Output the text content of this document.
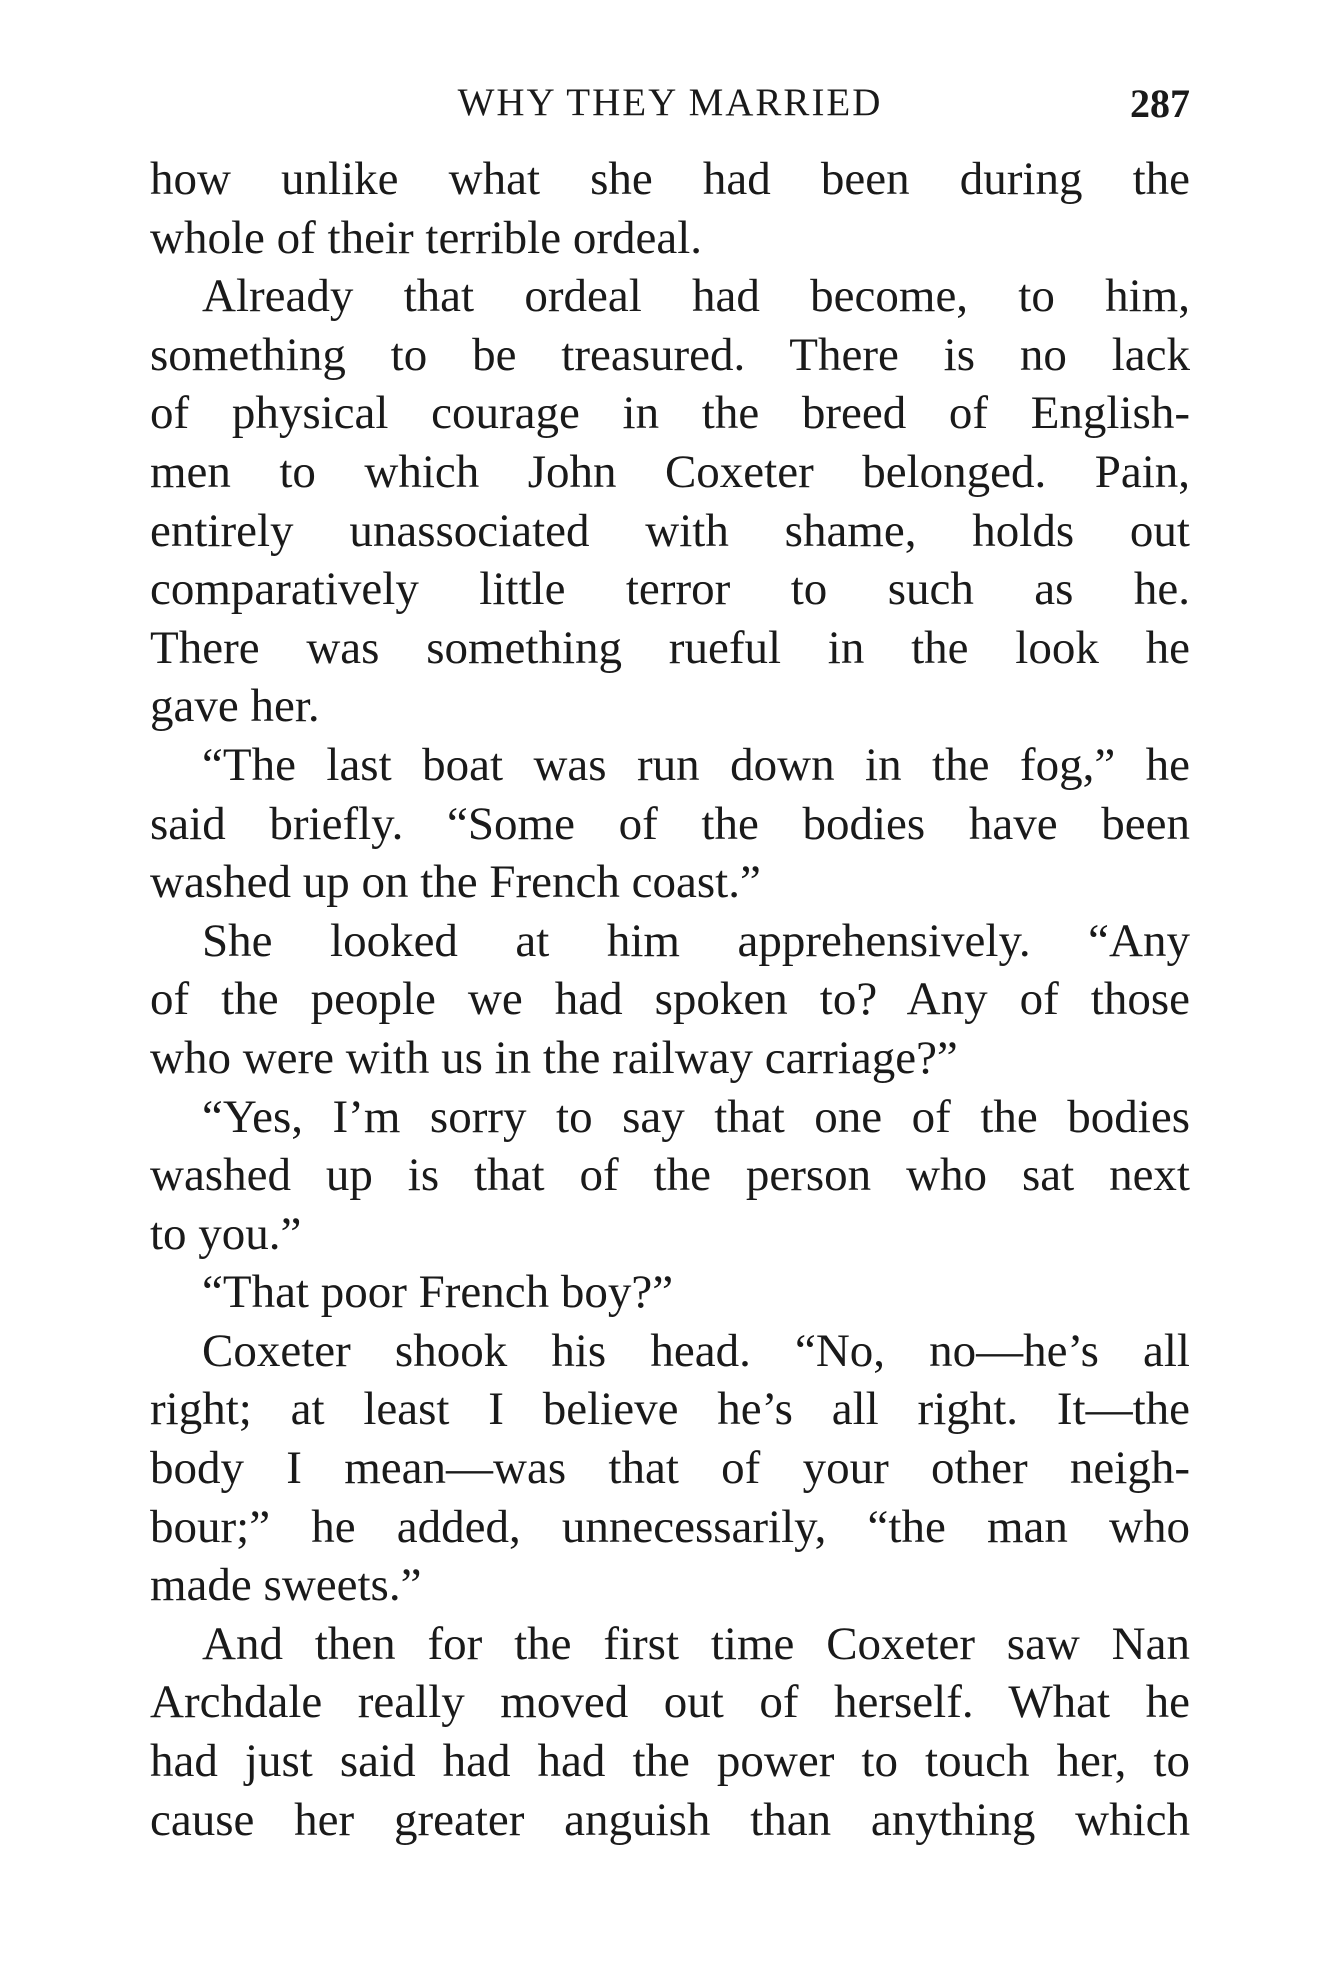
WHY THEY MARRIED	287
how unlike what she had been during the
whole of their terrible ordeal.
Already that ordeal had become, to him,
something to be treasured. There is no lack
of physical courage in the breed of English-
men to which John Coxeter belonged. Pain,
entirely unassociated with shame, holds out
comparatively little terror to such as he.
There was something rueful in the look he
gave her.
“The last boat was run down in the fog,” he
said briefly. “Some of the bodies have been
washed up on the French coast.”
She looked at him apprehensively. “Any
of the people we had spoken to? Any of those
who were with us in the railway carriage?”
“Yes, I’m sorry to say that one of the bodies
washed up is that of the person who sat next
to you.”
“That poor French boy?”
Coxeter shook his head. “No, no—he’s all
right; at least I believe he’s all right. It—the
body I mean—was that of your other neigh-
bour;” he added, unnecessarily, “the man who
made sweets.”
And then for the first time Coxeter saw Nan
Archdale really moved out of herself. What he
had just said had had the power to touch her, to
cause her greater anguish than anything which
